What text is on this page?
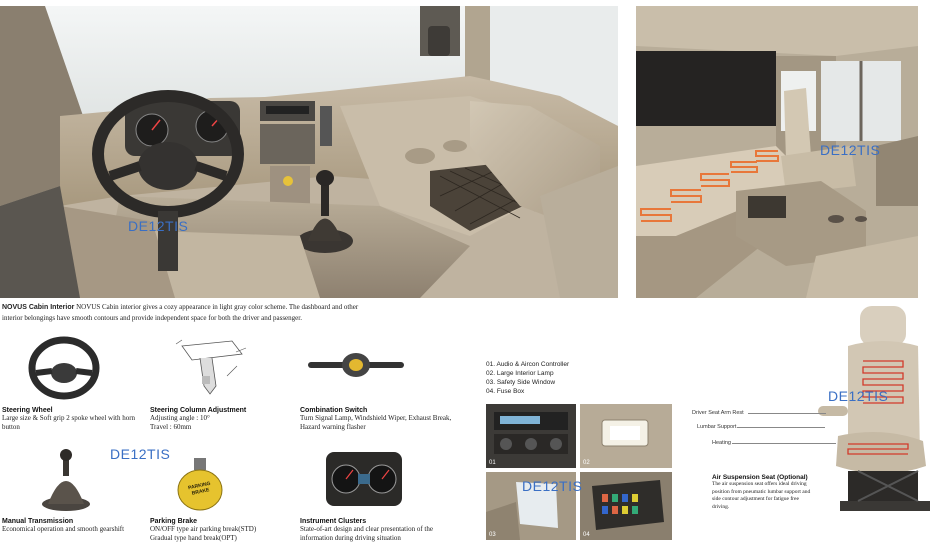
DE12TIS
DE12TIS
NOVUS Cabin Interior NOVUS Cabin interior gives a cozy appearance in light gray color scheme. The dashboard and other interior belongings have smooth contours and provide independent space for both the driver and passenger.
PARKING BRAKE
Steering Wheel
Large size & Soft grip 2 spoke wheel with horn button
Steering Column Adjustment
Adjusting angle : 10°
Travel : 60mm
Combination Switch
Turn Signal Lamp, Windshield Wiper, Exhaust Break, Hazard warning flasher
Manual Transmission
Economical operation and smooth gearshift
Parking Brake
ON/OFF type air parking break(STD)
Gradual type hand break(OPT)
Instrument Clusters
State-of-art design and clear presentation of the information during driving situation
DE12TIS
01. Audio & Aircon Controller
02. Large Interior Lamp
03. Safety Side Window
04. Fuse Box
01	02
03	04
DE12TIS
DE12TIS
Driver Seat Arm Rest
Lumbar Support
Heating
Air Suspension Seat (Optional)
The air suspension seat offers ideal driving position from pneumatic lumbar support and side contour adjustment for fatigue free driving.
